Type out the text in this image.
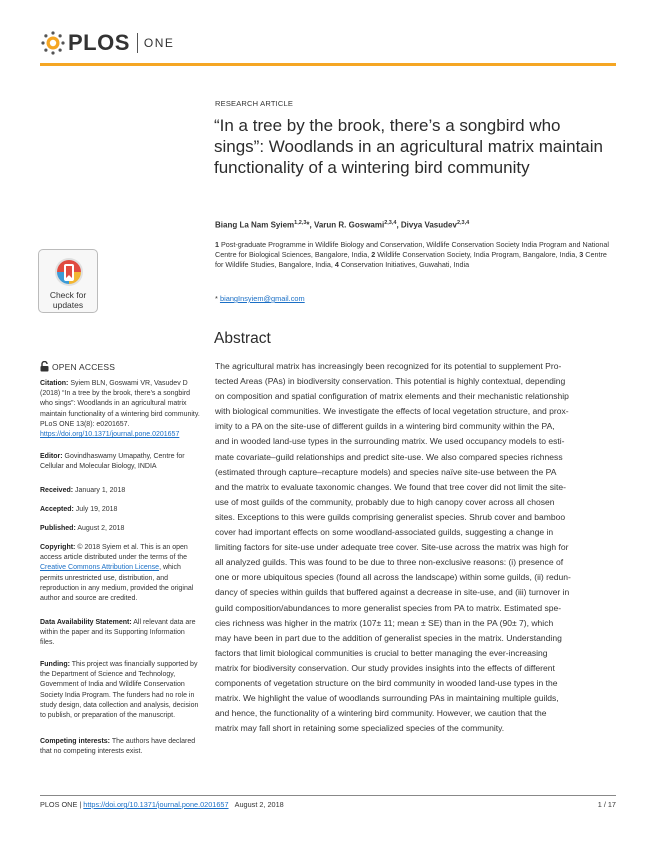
PLOS ONE
Check for
updates
OPEN ACCESS
Citation: Syiem BLN, Goswami VR, Vasudev D (2018) “In a tree by the brook, there’s a songbird who sings”: Woodlands in an agricultural matrix maintain functionality of a wintering bird community. PLoS ONE 13(8): e0201657. https://doi.org/10.1371/journal.pone.0201657
Editor: Govindhaswamy Umapathy, Centre for Cellular and Molecular Biology, INDIA
Received: January 1, 2018
Accepted: July 19, 2018
Published: August 2, 2018
Copyright: © 2018 Syiem et al. This is an open access article distributed under the terms of the Creative Commons Attribution License, which permits unrestricted use, distribution, and reproduction in any medium, provided the original author and source are credited.
Data Availability Statement: All relevant data are within the paper and its Supporting Information files.
Funding: This project was financially supported by the Department of Science and Technology, Government of India and Wildlife Conservation Society India Program. The funders had no role in study design, data collection and analysis, decision to publish, or preparation of the manuscript.
Competing interests: The authors have declared that no competing interests exist.
RESEARCH ARTICLE
“In a tree by the brook, there’s a songbird who sings”: Woodlands in an agricultural matrix maintain functionality of a wintering bird community
Biang La Nam Syiem$^{1,2,3}$*, Varun R. Goswami$^{2,3,4}$, Divya Vasudev$^{2,3,4}$
1 Post-graduate Programme in Wildlife Biology and Conservation, Wildlife Conservation Society India Program and National Centre for Biological Sciences, Bangalore, India, 2 Wildlife Conservation Society, India Program, Bangalore, India, 3 Centre for Wildlife Studies, Bangalore, India, 4 Conservation Initiatives, Guwahati, India
* biangInsyiem@gmail.com
Abstract
The agricultural matrix has increasingly been recognized for its potential to supplement Pro-
tected Areas (PAs) in biodiversity conservation. This potential is highly contextual, depending
on composition and spatial configuration of matrix elements and their mechanistic relationship
with biological communities. We investigate the effects of local vegetation structure, and prox-
imity to a PA on the site-use of different guilds in a wintering bird community within the PA,
and in wooded land-use types in the surrounding matrix. We used occupancy models to esti-
mate covariate–guild relationships and predict site-use. We also compared species richness
(estimated through capture–recapture models) and species naïve site-use between the PA
and the matrix to evaluate taxonomic changes. We found that tree cover did not limit the site-
use of most guilds of the community, probably due to high canopy cover across all chosen
sites. Exceptions to this were guilds comprising generalist species. Shrub cover and bamboo
cover had important effects on some woodland-associated guilds, suggesting a change in
limiting factors for site-use under adequate tree cover. Site-use across the matrix was high for
all analyzed guilds. This was found to be due to three non-exclusive reasons: (i) presence of
one or more ubiquitous species (found all across the landscape) within some guilds, (ii) redun-
dancy of species within guilds that buffered against a decrease in site-use, and (iii) turnover in
guild composition/abundances to more generalist species from PA to matrix. Estimated spe-
cies richness was higher in the matrix (107± 11; mean ± SE) than in the PA (90± 7), which
may have been in part due to the addition of generalist species in the matrix. Understanding
factors that limit biological communities is crucial to better managing the ever-increasing
matrix for biodiversity conservation. Our study provides insights into the effects of different
components of vegetation structure on the bird community in wooded land-use types in the
matrix. We highlight the value of woodlands surrounding PAs in maintaining multiple guilds,
and hence, the functionality of a wintering bird community. However, we caution that the
matrix may fall short in retaining some specialized species of the community.
PLOS ONE | https://doi.org/10.1371/journal.pone.0201657 August 2, 2018	1 / 17
